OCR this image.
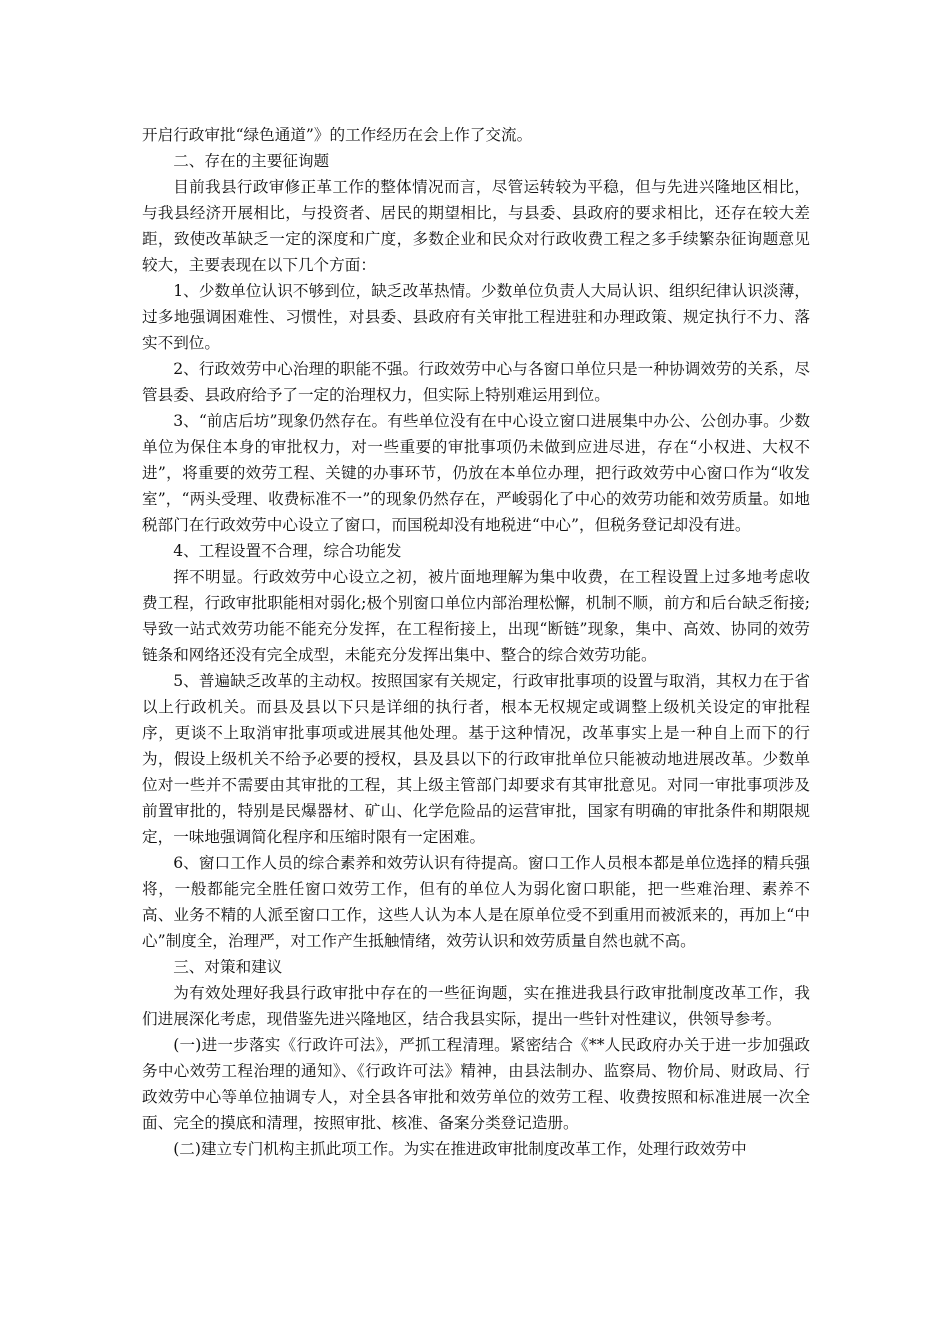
开启行政审批“绿色通道”》的工作经历在会上作了交流。

二、存在的主要征询题

目前我县行政审修正革工作的整体情况而言，尽管运转较为平稳，但与先进兴隆地区相比，与我县经济开展相比，与投资者、居民的期望相比，与县委、县政府的要求相比，还存在较大差距，致使改革缺乏一定的深度和广度，多数企业和民众对行政收费工程之多手续繁杂征询题意见较大，主要表现在以下几个方面：

1、少数单位认识不够到位，缺乏改革热情。少数单位负责人大局认识、组织纪律认识淡薄，过多地强调困难性、习惯性，对县委、县政府有关审批工程进驻和办理政策、规定执行不力、落实不到位。

2、行政效劳中心治理的职能不强。行政效劳中心与各窗口单位只是一种协调效劳的关系，尽管县委、县政府给予了一定的治理权力，但实际上特别难运用到位。

3、“前店后坊”现象仍然存在。有些单位没有在中心设立窗口进展集中办公、公创办事。少数单位为保住本身的审批权力，对一些重要的审批事项仍未做到应进尽进，存在“小权进、大权不进”，将重要的效劳工程、关键的办事环节，仍放在本单位办理，把行政效劳中心窗口作为“收发室”，“两头受理、收费标准不一”的现象仍然存在，严峻弱化了中心的效劳功能和效劳质量。如地税部门在行政效劳中心设立了窗口，而国税却没有地税进“中心”，但税务登记却没有进。

4、工程设置不合理，综合功能发

挥不明显。行政效劳中心设立之初，被片面地理解为集中收费，在工程设置上过多地考虑收费工程，行政审批职能相对弱化;极个别窗口单位内部治理松懈，机制不顺，前方和后台缺乏衔接;导致一站式效劳功能不能充分发挥，在工程衔接上，出现“断链”现象，集中、高效、协同的效劳链条和网络还没有完全成型，未能充分发挥出集中、整合的综合效劳功能。

5、普遍缺乏改革的主动权。按照国家有关规定，行政审批事项的设置与取消，其权力在于省以上行政机关。而县及县以下只是详细的执行者，根本无权规定或调整上级机关设定的审批程序，更谈不上取消审批事项或进展其他处理。基于这种情况，改革事实上是一种自上而下的行为，假设上级机关不给予必要的授权，县及县以下的行政审批单位只能被动地进展改革。少数单位对一些并不需要由其审批的工程，其上级主管部门却要求有其审批意见。对同一审批事项涉及前置审批的，特别是民爆器材、矿山、化学危险品的运营审批，国家有明确的审批条件和期限规定，一味地强调简化程序和压缩时限有一定困难。

6、窗口工作人员的综合素养和效劳认识有待提高。窗口工作人员根本都是单位选择的精兵强将，一般都能完全胜任窗口效劳工作，但有的单位人为弱化窗口职能，把一些难治理、素养不高、业务不精的人派至窗口工作，这些人认为本人是在原单位受不到重用而被派来的，再加上“中心”制度全，治理严，对工作产生抵触情绪，效劳认识和效劳质量自然也就不高。

三、对策和建议

为有效处理好我县行政审批中存在的一些征询题，实在推进我县行政审批制度改革工作，我们进展深化考虑，现借鉴先进兴隆地区，结合我县实际，提出一些针对性建议，供领导参考。

(一)进一步落实《行政许可法》，严抓工程清理。紧密结合《**人民政府办关于进一步加强政务中心效劳工程治理的通知》、《行政许可法》精神，由县法制办、监察局、物价局、财政局、行政效劳中心等单位抽调专人，对全县各审批和效劳单位的效劳工程、收费按照和标准进展一次全面、完全的摸底和清理，按照审批、核准、备案分类登记造册。

(二)建立专门机构主抓此项工作。为实在推进政审批制度改革工作，处理行政效劳中
